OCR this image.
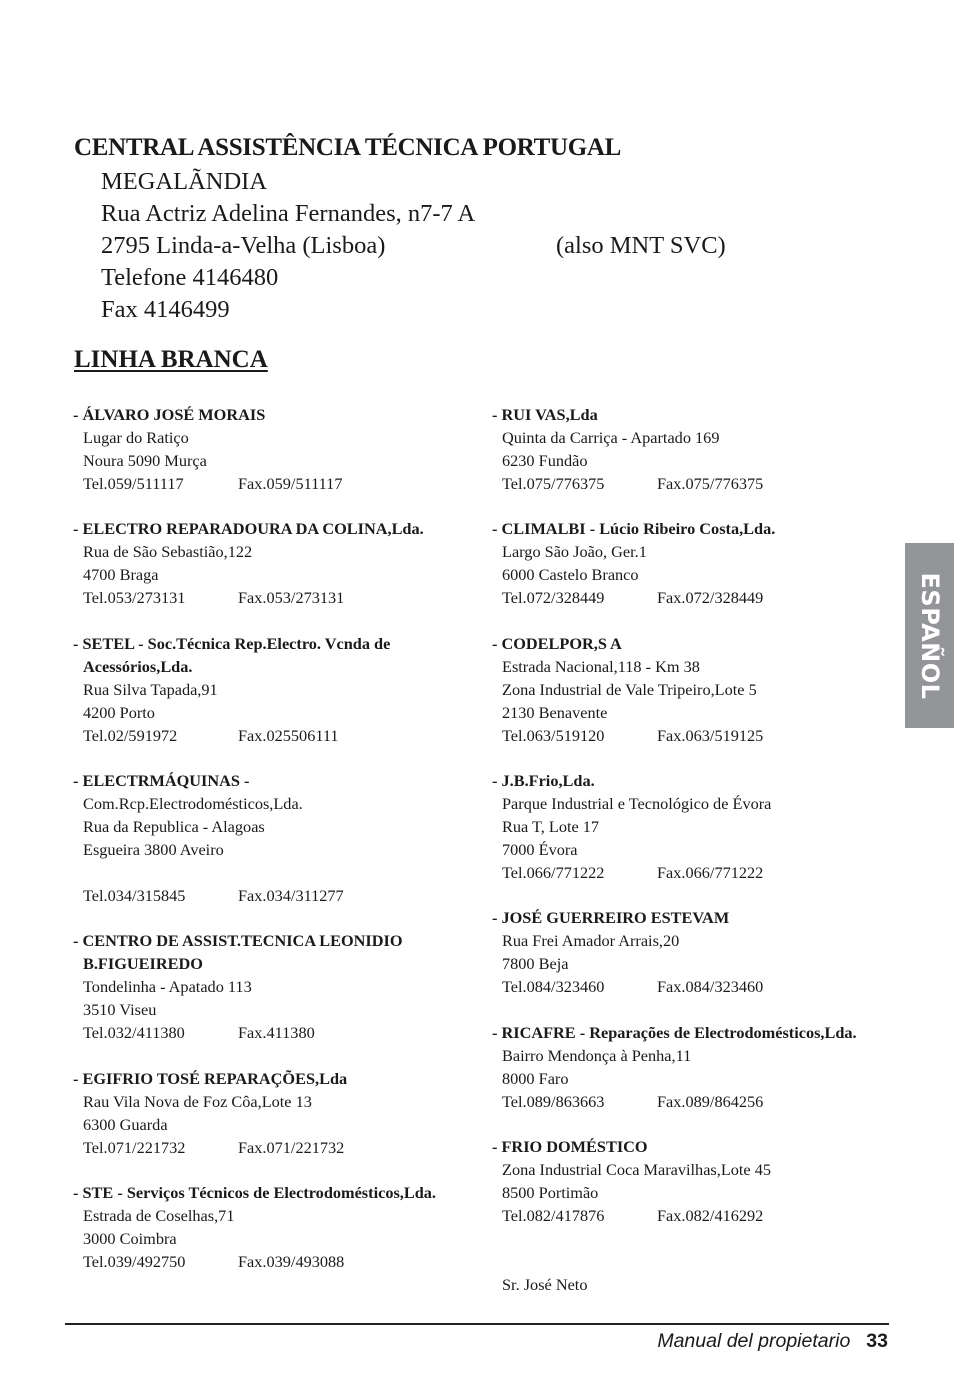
CENTRAL ASSISTÊNCIA TÉCNICA PORTUGAL
MEGALÃNDIA
Rua Actriz Adelina Fernandes, n7-7 A
2795 Linda-a-Velha (Lisboa)
Telefone 4146480
Fax 4146499
(also MNT SVC)
LINHA BRANCA
- ÁLVARO JOSÉ MORAIS
Lugar do Ratiço
Noura 5090 Murça
Tel.059/511117	Fax.059/511117
- ELECTRO REPARADOURA DA COLINA,Lda.
Rua de São Sebastião,122
4700 Braga
Tel.053/273131	Fax.053/273131
- SETEL - Soc.Técnica Rep.Electro. Vcnda de
Acessórios,Lda.
Rua Silva Tapada,91
4200 Porto
Tel.02/591972	Fax.025506111
- ELECTRMÁQUINAS -
Com.Rcp.Electrodomésticos,Lda.
Rua da Republica - Alagoas
Esgueira 3800 Aveiro
Tel.034/315845	Fax.034/311277
- CENTRO DE ASSIST.TECNICA LEONIDIO
B.FIGUEIREDO
Tondelinha - Apatado 113
3510 Viseu
Tel.032/411380	Fax.411380
- EGIFRIO TOSÉ REPARAÇÕES,Lda
Rau Vila Nova de Foz Côa,Lote 13
6300 Guarda
Tel.071/221732	Fax.071/221732
- STE - Serviços Técnicos de Electrodomésticos,Lda.
Estrada de Coselhas,71
3000 Coimbra
Tel.039/492750	Fax.039/493088
- RUI VAS,Lda
Quinta da Carriça - Apartado 169
6230 Fundão
Tel.075/776375	Fax.075/776375
- CLIMALBI - Lúcio Ribeiro Costa,Lda.
Largo São João, Ger.1
6000 Castelo Branco
Tel.072/328449	Fax.072/328449
- CODELPOR,S A
Estrada Nacional,118 - Km 38
Zona Industrial de Vale Tripeiro,Lote 5
2130 Benavente
Tel.063/519120	Fax.063/519125
- J.B.Frio,Lda.
Parque Industrial e Tecnológico de Évora
Rua T, Lote 17
7000 Évora
Tel.066/771222	Fax.066/771222
- JOSÉ GUERREIRO ESTEVAM
Rua Frei Amador Arrais,20
7800 Beja
Tel.084/323460	Fax.084/323460
- RICAFRE - Reparações de Electrodomésticos,Lda.
Bairro Mendonça à Penha,11
8000 Faro
Tel.089/863663	Fax.089/864256
- FRIO DOMÉSTICO
Zona Industrial Coca Maravilhas,Lote 45
8500 Portimão
Tel.082/417876	Fax.082/416292
Sr. José Neto
ESPAÑOL
Manual del propietario 33
